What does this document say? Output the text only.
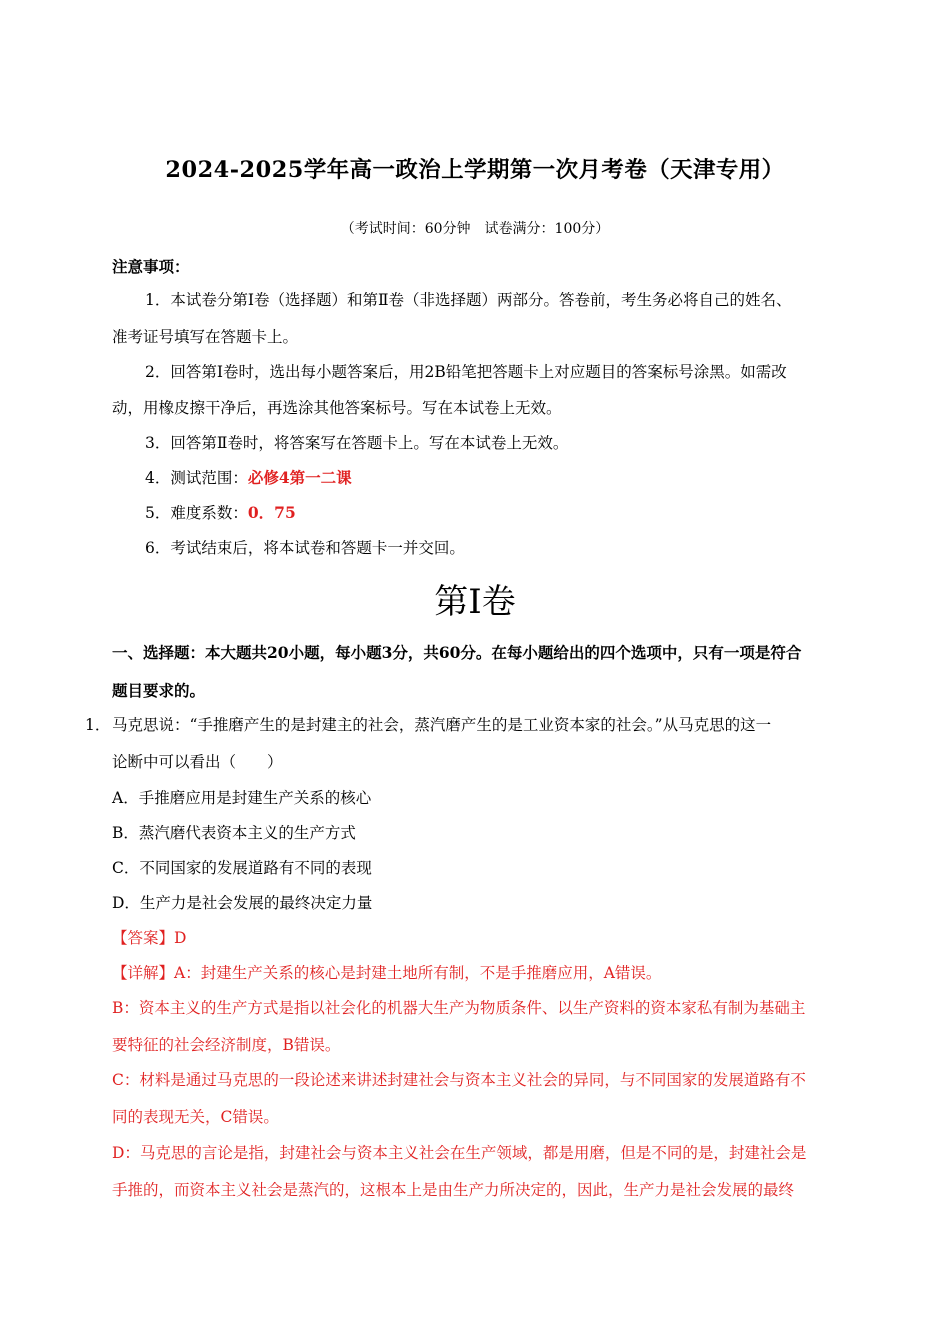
2024-2025学年高一政治上学期第一次月考卷（天津专用）
（考试时间：60分钟　试卷满分：100分）
注意事项：
1．本试卷分第Ⅰ卷（选择题）和第Ⅱ卷（非选择题）两部分。答卷前，考生务必将自己的姓名、
准考证号填写在答题卡上。
2．回答第Ⅰ卷时，选出每小题答案后，用2B铅笔把答题卡上对应题目的答案标号涂黑。如需改
动，用橡皮擦干净后，再选涂其他答案标号。写在本试卷上无效。
3．回答第Ⅱ卷时，将答案写在答题卡上。写在本试卷上无效。
4．测试范围：必修4第一二课
5．难度系数：0．75
6．考试结束后，将本试卷和答题卡一并交回。
第Ⅰ卷
一、选择题：本大题共20小题，每小题3分，共60分。在每小题给出的四个选项中，只有一项是符合
题目要求的。
1． 马克思说：“手推磨产生的是封建主的社会，蒸汽磨产生的是工业资本家的社会。”从马克思的这一
论断中可以看出（　　）
A．手推磨应用是封建生产关系的核心
B．蒸汽磨代表资本主义的生产方式
C．不同国家的发展道路有不同的表现
D．生产力是社会发展的最终决定力量
【答案】D
【详解】A：封建生产关系的核心是封建土地所有制，不是手推磨应用，A错误。
B：资本主义的生产方式是指以社会化的机器大生产为物质条件、以生产资料的资本家私有制为基础主
要特征的社会经济制度，B错误。
C：材料是通过马克思的一段论述来讲述封建社会与资本主义社会的异同，与不同国家的发展道路有不
同的表现无关，C错误。
D：马克思的言论是指，封建社会与资本主义社会在生产领域，都是用磨，但是不同的是，封建社会是
手推的，而资本主义社会是蒸汽的，这根本上是由生产力所决定的，因此，生产力是社会发展的最终
